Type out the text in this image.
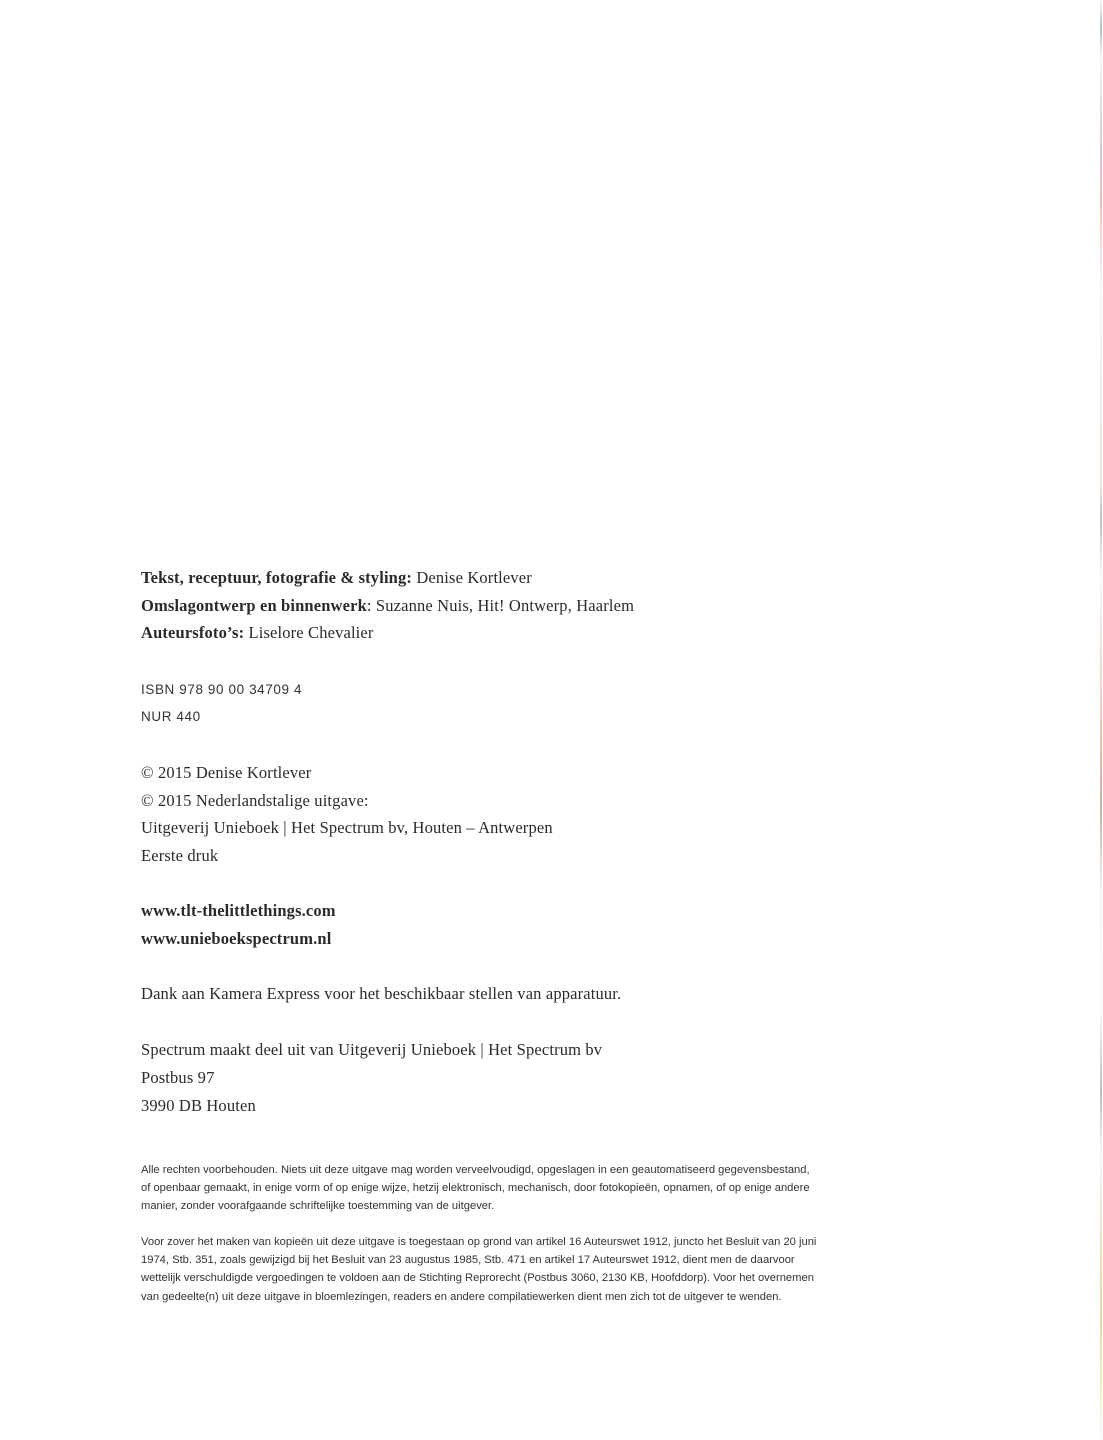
Tekst, receptuur, fotografie & styling: Denise Kortlever
Omslagontwerp en binnenwerk: Suzanne Nuis, Hit! Ontwerp, Haarlem
Auteursfoto’s: Liselore Chevalier
ISBN 978 90 00 34709 4
NUR 440
© 2015 Denise Kortlever
© 2015 Nederlandstalige uitgave:
Uitgeverij Unieboek | Het Spectrum bv, Houten – Antwerpen
Eerste druk
www.tlt-thelittlethings.com
www.unieboekspectrum.nl
Dank aan Kamera Express voor het beschikbaar stellen van apparatuur.
Spectrum maakt deel uit van Uitgeverij Unieboek | Het Spectrum bv
Postbus 97
3990 DB Houten
Alle rechten voorbehouden. Niets uit deze uitgave mag worden verveelvoudigd, opgeslagen in een geautomatiseerd gegevensbestand, of openbaar gemaakt, in enige vorm of op enige wijze, hetzij elektronisch, mechanisch, door fotokopieën, opnamen, of op enige andere manier, zonder voorafgaande schriftelijke toestemming van de uitgever.
Voor zover het maken van kopieën uit deze uitgave is toegestaan op grond van artikel 16 Auteurswet 1912, juncto het Besluit van 20 juni 1974, Stb. 351, zoals gewijzigd bij het Besluit van 23 augustus 1985, Stb. 471 en artikel 17 Auteurswet 1912, dient men de daarvoor wettelijk verschuldigde vergoedingen te voldoen aan de Stichting Reprorecht (Postbus 3060, 2130 KB, Hoofddorp). Voor het overnemen van gedeelte(n) uit deze uitgave in bloemlezingen, readers en andere compilatiewerken dient men zich tot de uitgever te wenden.
